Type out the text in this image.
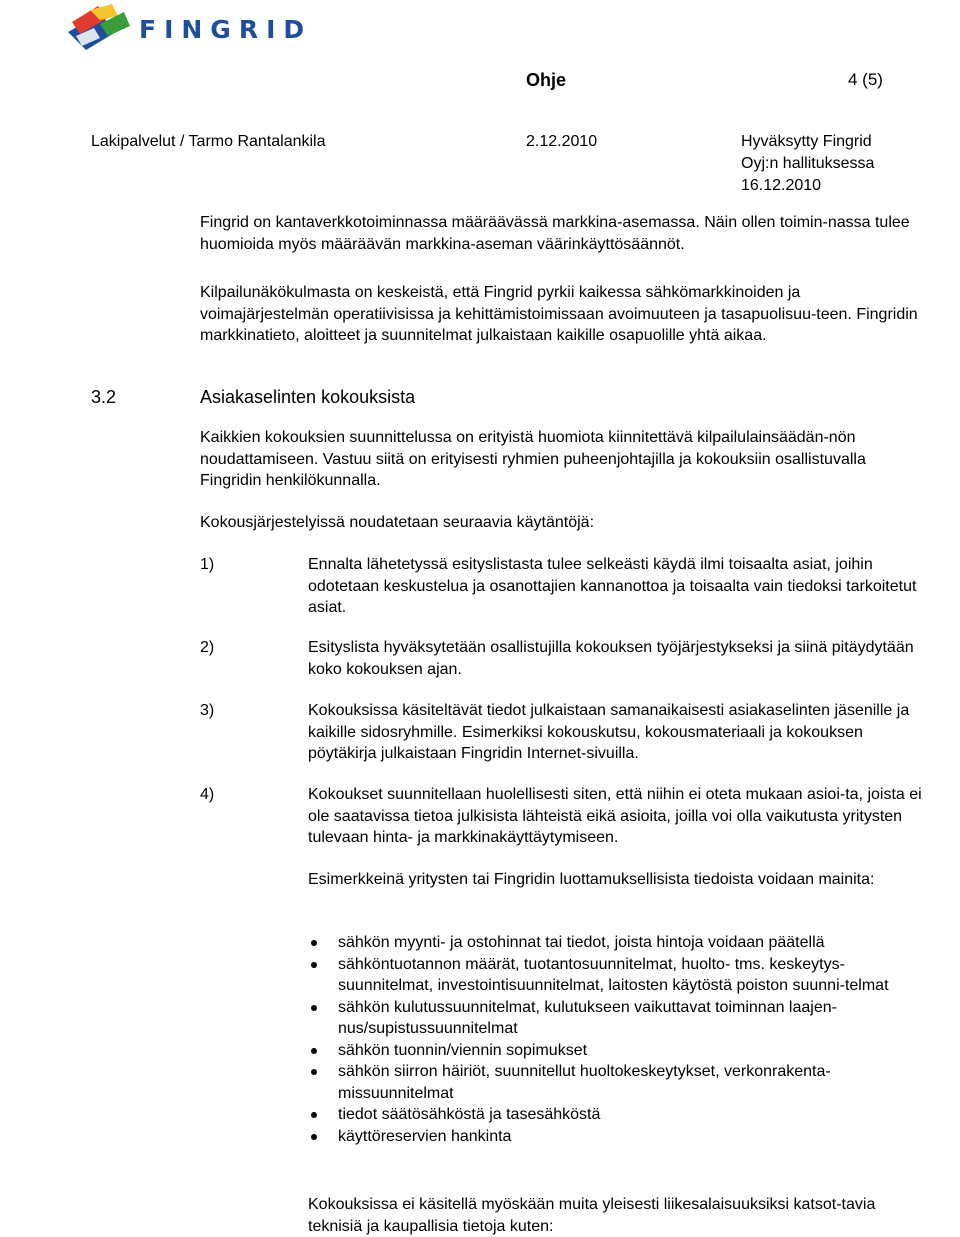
FINGRID
Ohje	4 (5)
Lakipalvelut / Tarmo Rantalankila	2.12.2010	Hyväksytty Fingrid
Oyj:n hallituksessa
16.12.2010

Fingrid on kantaverkkotoiminnassa määräävässä markkina-asemassa. Näin ollen toimin-nassa tulee huomioida myös määräävän markkina-aseman väärinkäyttösäännöt.

Kilpailunäkökulmasta on keskeistä, että Fingrid pyrkii kaikessa sähkömarkkinoiden ja voimajärjestelmän operatiivisissa ja kehittämistoimissaan avoimuuteen ja tasapuolisuu-teen. Fingridin markkinatieto, aloitteet ja suunnitelmat julkaistaan kaikille osapuolille yhtä aikaa.

3.2	Asiakaselinten kokouksista

Kaikkien kokouksien suunnittelussa on erityistä huomiota kiinnitettävä kilpailulainsäädän-nön noudattamiseen. Vastuu siitä on erityisesti ryhmien puheenjohtajilla ja kokouksiin osallistuvalla Fingridin henkilökunnalla.

Kokousjärjestelyissä noudatetaan seuraavia käytäntöjä:

1)	Ennalta lähetetyssä esityslistasta tulee selkeästi käydä ilmi toisaalta asiat, joihin odotetaan keskustelua ja osanottajien kannanottoa ja toisaalta vain tiedoksi tarkoitetut asiat.

2)	Esityslista hyväksytetään osallistujilla kokouksen työjärjestykseksi ja siinä pitäydytään koko kokouksen ajan.

3)	Kokouksissa käsiteltävät tiedot julkaistaan samanaikaisesti asiakaselinten jäsenille ja kaikille sidosryhmille. Esimerkiksi kokouskutsu, kokousmateriaali ja kokouksen pöytäkirja julkaistaan Fingridin Internet-sivuilla.

4)	Kokoukset suunnitellaan huolellisesti siten, että niihin ei oteta mukaan asioi-ta, joista ei ole saatavissa tietoa julkisista lähteistä eikä asioita, joilla voi olla vaikutusta yritysten tulevaan hinta- ja markkinakäyttäytymiseen.

Esimerkkeinä yritysten tai Fingridin luottamuksellisista tiedoista voidaan mainita:

sähkön myynti- ja ostohinnat tai tiedot, joista hintoja voidaan päätellä
sähköntuotannon määrät, tuotantosuunnitelmat, huolto- tms. keskeytys-suunnitelmat, investointisuunnitelmat, laitosten käytöstä poiston suunni-telmat
sähkön kulutussuunnitelmat, kulutukseen vaikuttavat toiminnan laajen-nus/supistussuunnitelmat
sähkön tuonnin/viennin sopimukset
sähkön siirron häiriöt, suunnitellut huoltokeskeytykset, verkonrakenta-missuunnitelmat
tiedot säätösähköstä ja tasesähköstä
käyttöreservien hankinta

Kokouksissa ei käsitellä myöskään muita yleisesti liikesalaisuuksiksi katsot-tavia teknisiä ja kaupallisia tietoja kuten:
